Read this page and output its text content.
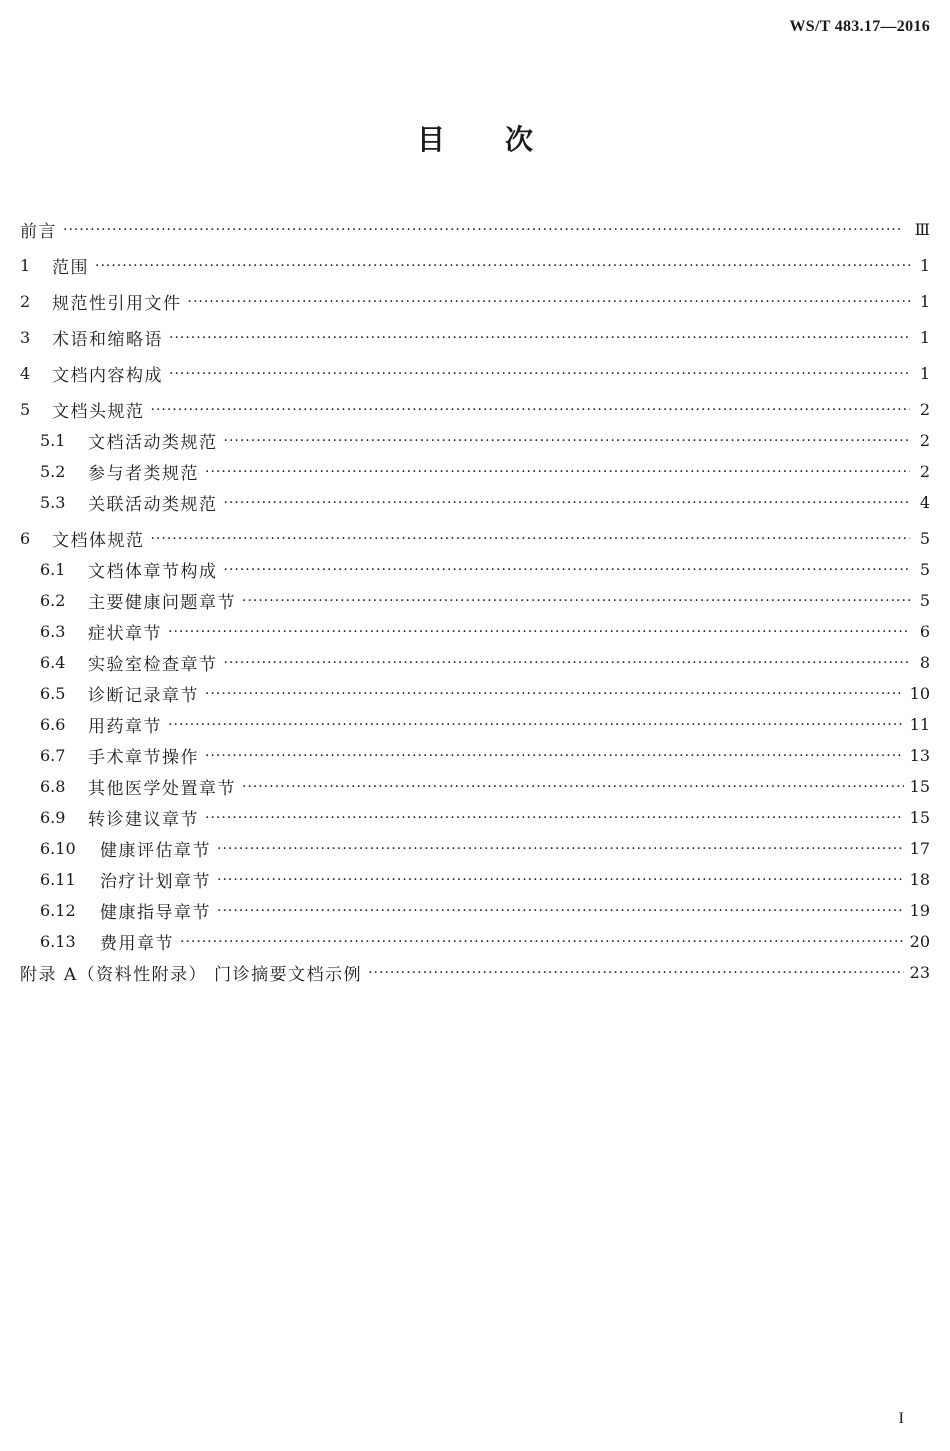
WS/T 483.17—2016
目 次
前言 ·····	Ⅲ
1	范围 ·····	1
2	规范性引用文件 ·····	1
3	术语和缩略语 ·····	1
4	文档内容构成 ·····	1
5	文档头规范 ·····	2
5.1	文档活动类规范 ·····	2
5.2	参与者类规范 ·····	2
5.3	关联活动类规范 ·····	4
6	文档体规范 ·····	5
6.1	文档体章节构成 ·····	5
6.2	主要健康问题章节 ·····	5
6.3	症状章节 ·····	6
6.4	实验室检查章节 ·····	8
6.5	诊断记录章节 ·····	10
6.6	用药章节 ·····	11
6.7	手术章节操作 ·····	13
6.8	其他医学处置章节 ·····	15
6.9	转诊建议章节 ·····	15
6.10	健康评估章节 ·····	17
6.11	治疗计划章节 ·····	18
6.12	健康指导章节 ·····	19
6.13	费用章节 ·····	20
附录 A（资料性附录） 门诊摘要文档示例 ·····	23
I
